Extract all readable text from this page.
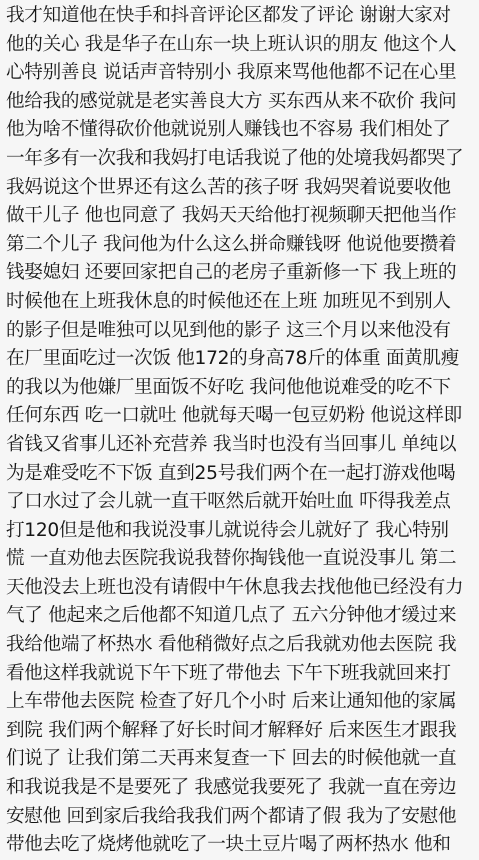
我才知道他在快手和抖音评论区都发了评论 谢谢大家对
他的关心 我是华子在山东一块上班认识的朋友 他这个人
心特别善良 说话声音特别小 我原来骂他他都不记在心里
他给我的感觉就是老实善良大方 买东西从来不砍价 我问
他为啥不懂得砍价他就说别人赚钱也不容易 我们相处了
一年多有一次我和我妈打电话我说了他的处境我妈都哭了
我妈说这个世界还有这么苦的孩子呀 我妈哭着说要收他
做干儿子 他也同意了 我妈天天给他打视频聊天把他当作
第二个儿子 我问他为什么这么拼命赚钱呀 他说他要攒着
钱娶媳妇 还要回家把自己的老房子重新修一下 我上班的
时候他在上班我休息的时候他还在上班 加班见不到别人
的影子但是唯独可以见到他的影子 这三个月以来他没有
在厂里面吃过一次饭 他172的身高78斤的体重 面黄肌瘦
的我以为他嫌厂里面饭不好吃 我问他他说难受的吃不下
任何东西 吃一口就吐 他就每天喝一包豆奶粉 他说这样即
省钱又省事儿还补充营养 我当时也没有当回事儿 单纯以
为是难受吃不下饭 直到25号我们两个在一起打游戏他喝
了口水过了会儿就一直干呕然后就开始吐血 吓得我差点
打120但是他和我说没事儿就说待会儿就好了 我心特别
慌 一直劝他去医院我说我替你掏钱他一直说没事儿 第二
天他没去上班也没有请假中午休息我去找他他已经没有力
气了 他起来之后他都不知道几点了 五六分钟他才缓过来
我给他端了杯热水 看他稍微好点之后我就劝他去医院 我
看他这样我就说下午下班了带他去 下午下班我就回来打
上车带他去医院 检查了好几个小时 后来让通知他的家属
到院 我们两个解释了好长时间才解释好 后来医生才跟我
们说了 让我们第二天再来复查一下 回去的时候他就一直
和我说我是不是要死了 我感觉我要死了 我就一直在旁边
安慰他 回到家后我给我我们两个都请了假 我为了安慰他
带他去吃了烧烤他就吃了一块土豆片喝了两杯热水 他和
